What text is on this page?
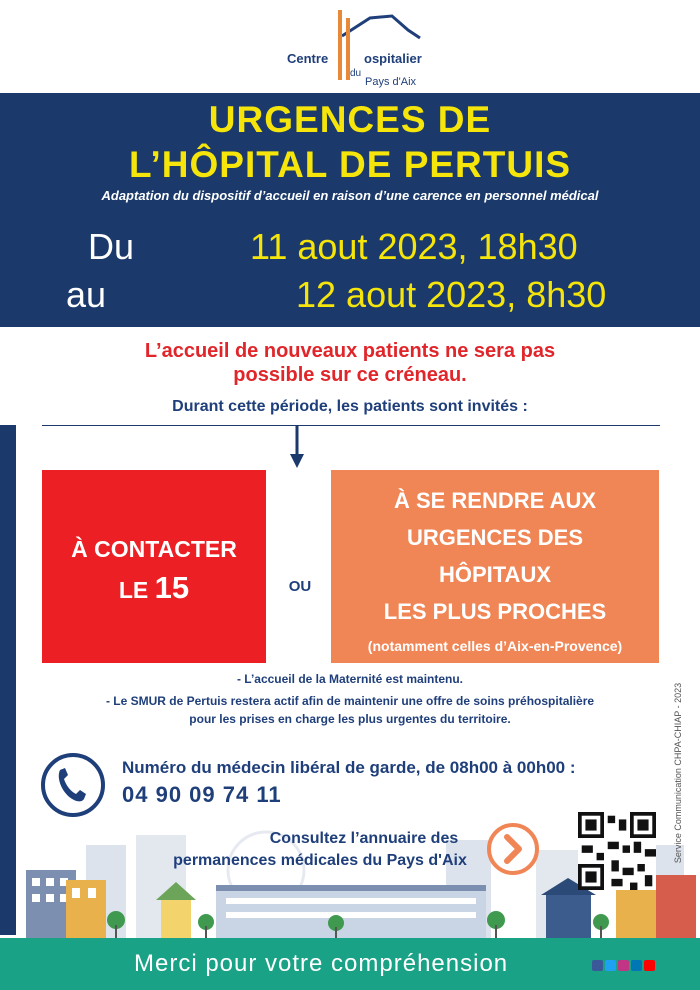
Centre	ospitalier
du
Pays d'Aix
URGENCES DE
L’HÔPITAL DE PERTUIS
Adaptation du dispositif d’accueil en raison d’une carence en personnel médical
Du	11 aout 2023, 18h30
au	12 aout 2023, 8h30
L’accueil de nouveaux patients ne sera pas
possible sur ce créneau.
Durant cette période, les patients sont invités :
À CONTACTER
LE 15	OU
À SE RENDRE AUX
URGENCES DES
HÔPITAUX
LES PLUS PROCHES
(notamment celles d’Aix-en-Provence)
- L’accueil de la Maternité est maintenu.
- Le SMUR de Pertuis restera actif afin de maintenir une offre de soins préhospitalière
pour les prises en charge les plus urgentes du territoire.
Numéro du médecin libéral de garde, de 08h00 à 00h00 :
04 90 09 74 11
Consultez l’annuaire des
permanences médicales du Pays d'Aix	Service Communication CHPA-CHIAP - 2023
Merci pour votre compréhension
